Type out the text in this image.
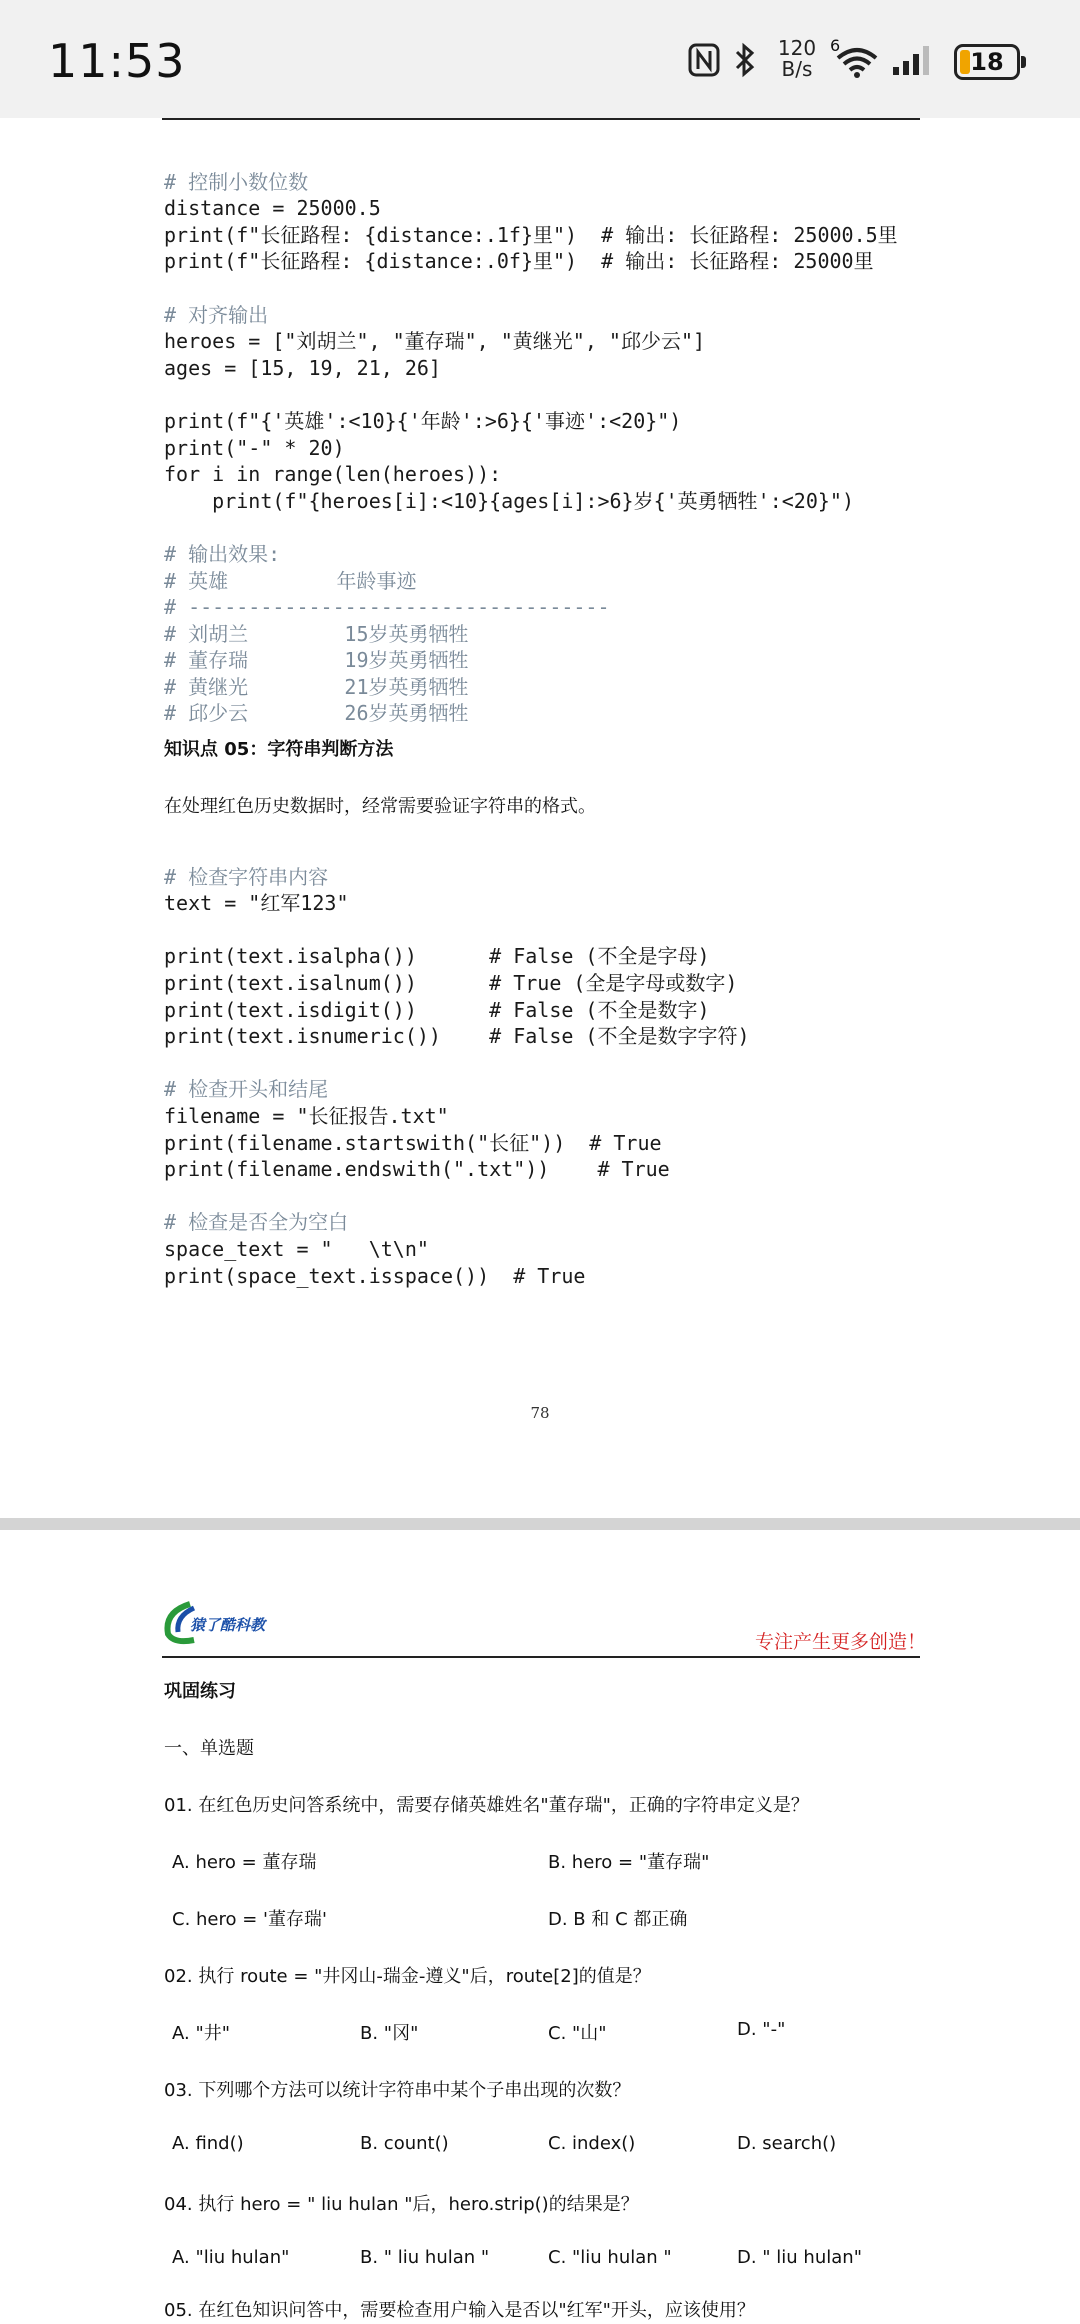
11:53	120
B/s
6
18

# 控制小数位数
distance = 25000.5
print(f"长征路程: {distance:.1f}里")  # 输出: 长征路程: 25000.5里
print(f"长征路程: {distance:.0f}里")  # 输出: 长征路程: 25000里

# 对齐输出
heroes = ["刘胡兰", "董存瑞", "黄继光", "邱少云"]
ages = [15, 19, 21, 26]

print(f"{'英雄':<10}{'年龄':>6}{'事迹':<20}")
print("-" * 20)
for i in range(len(heroes)):
print(f"{heroes[i]:<10}{ages[i]:>6}岁{'英勇牺牲':<20}")

# 输出效果:
# 英雄         年龄事迹
# -----------------------------------
# 刘胡兰        15岁英勇牺牲
# 董存瑞        19岁英勇牺牲
# 黄继光        21岁英勇牺牲
# 邱少云        26岁英勇牺牲

知识点 05：字符串判断方法
在处理红色历史数据时，经常需要验证字符串的格式。

# 检查字符串内容
text = "红军123"

print(text.isalpha())      # False (不全是字母)
print(text.isalnum())      # True (全是字母或数字)
print(text.isdigit())      # False (不全是数字)
print(text.isnumeric())    # False (不全是数字字符)

# 检查开头和结尾
filename = "长征报告.txt"
print(filename.startswith("长征"))  # True
print(filename.endswith(".txt"))    # True

# 检查是否全为空白
space_text = "   \t\n"
print(space_text.isspace())  # True

78
猿了酷科教
专注产生更多创造！
巩固练习
一、单选题
01. 在红色历史问答系统中，需要存储英雄姓名"董存瑞"，正确的字符串定义是？
A. hero = 董存瑞	B. hero = "董存瑞"
C. hero = '董存瑞'	D. B 和 C 都正确
02. 执行 route = "井冈山-瑞金-遵义"后，route[2]的值是？
A. "井"	B. "冈"	C. "山"	D. "-"
03. 下列哪个方法可以统计字符串中某个子串出现的次数？
A. find()	B. count()	C. index()	D. search()
04. 执行 hero = " liu hulan "后，hero.strip()的结果是？
A. "liu hulan"	B. " liu hulan "	C. "liu hulan "	D. " liu hulan"
05. 在红色知识问答中，需要检查用户输入是否以"红军"开头，应该使用？
